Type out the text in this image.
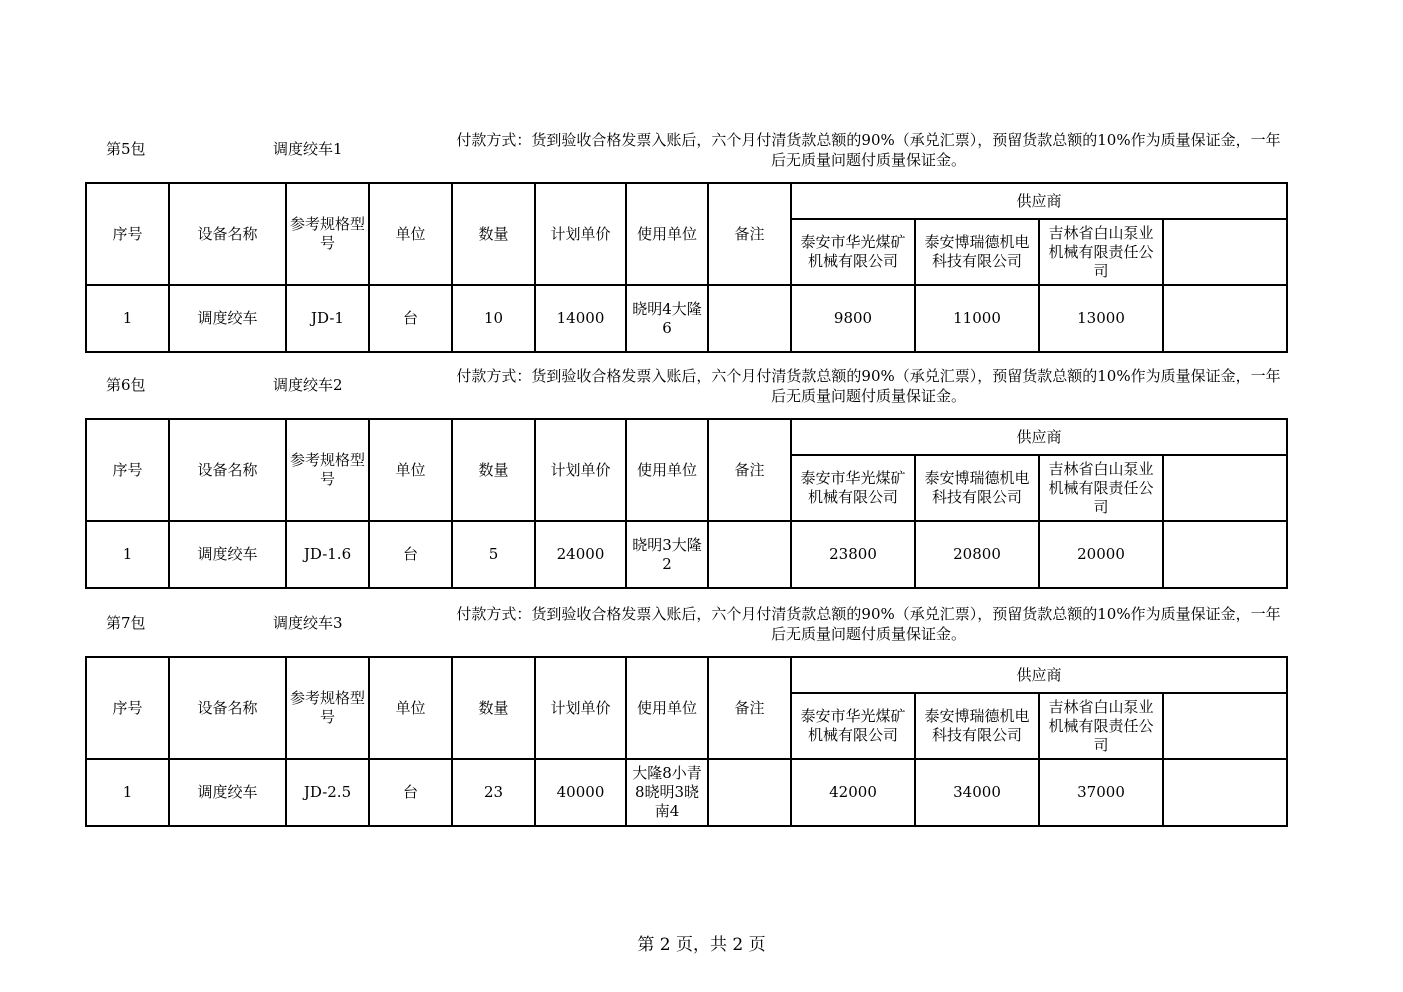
第5包	调度绞车1	付款方式：货到验收合格发票入账后，六个月付清货款总额的90%（承兑汇票），预留货款总额的10%作为质量保证金，一年后无质量问题付质量保证金。
序号	设备名称	参考规格型号	单位	数量	计划单价	使用单位	备注	供应商			
								泰安市华光煤矿机械有限公司	泰安博瑞德机电科技有限公司	吉林省白山泵业机械有限责任公司	
1	调度绞车	JD-1	台	10	14000	晓明4大隆6		9800	11000	13000	
第6包	调度绞车2	付款方式：货到验收合格发票入账后，六个月付清货款总额的90%（承兑汇票），预留货款总额的10%作为质量保证金，一年后无质量问题付质量保证金。
序号	设备名称	参考规格型号	单位	数量	计划单价	使用单位	备注	供应商			
								泰安市华光煤矿机械有限公司	泰安博瑞德机电科技有限公司	吉林省白山泵业机械有限责任公司	
1	调度绞车	JD-1.6	台	5	24000	晓明3大隆2		23800	20800	20000	
第7包	调度绞车3	付款方式：货到验收合格发票入账后，六个月付清货款总额的90%（承兑汇票），预留货款总额的10%作为质量保证金，一年后无质量问题付质量保证金。
序号	设备名称	参考规格型号	单位	数量	计划单价	使用单位	备注	供应商			
								泰安市华光煤矿机械有限公司	泰安博瑞德机电科技有限公司	吉林省白山泵业机械有限责任公司	
1	调度绞车	JD-2.5	台	23	40000	大隆8小青8晓明3晓南4		42000	34000	37000	
第 2 页，共 2 页
